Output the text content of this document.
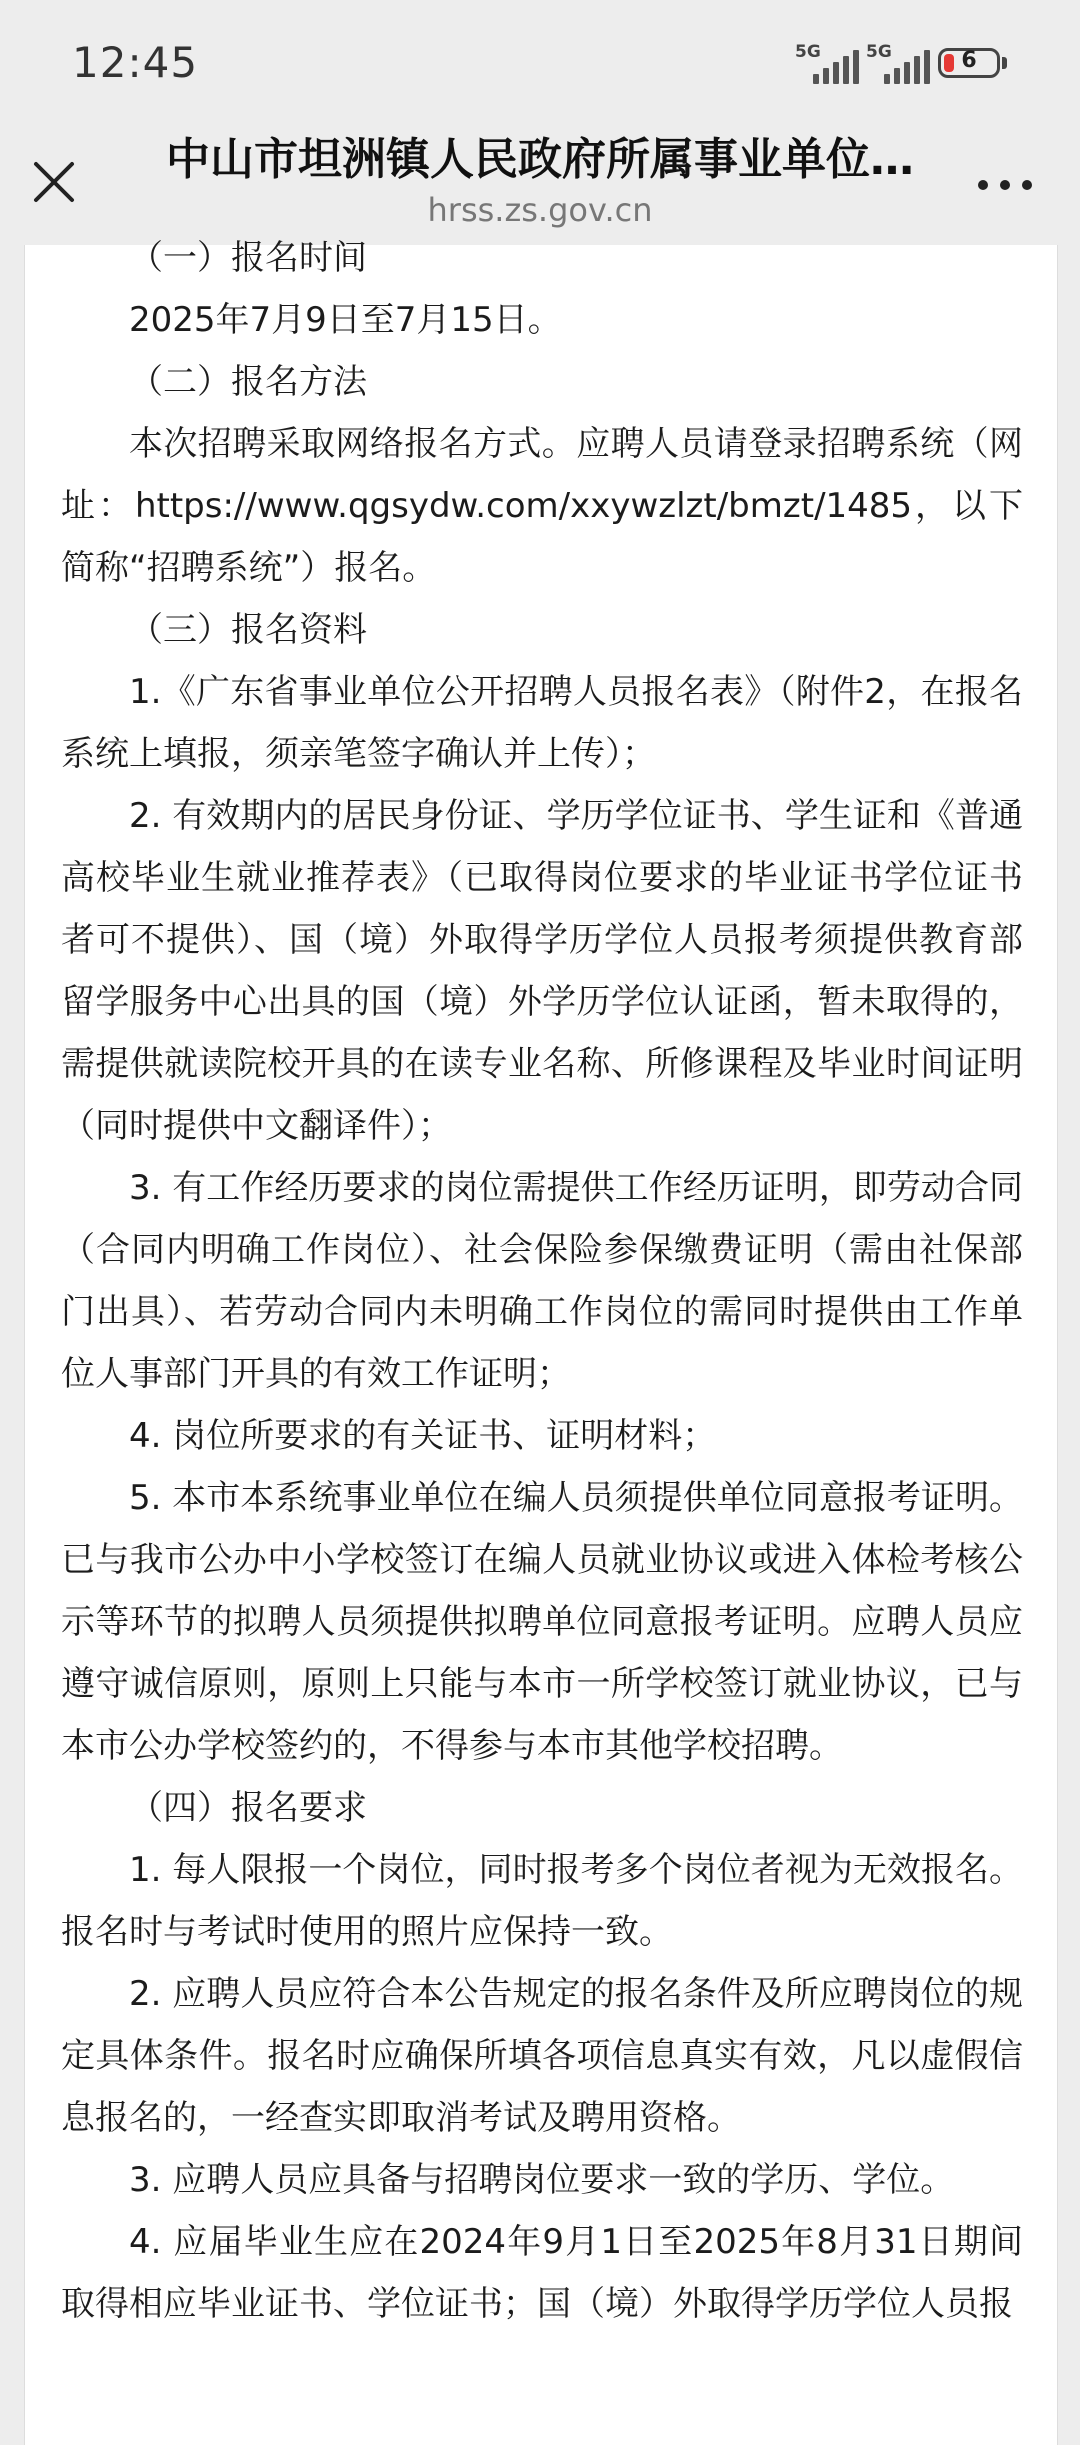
12:45	5G	5G	6
中山市坦洲镇人民政府所属事业单位…
hrss.zs.gov.cn

（一）报名时间

2025年7月9日至7月15日。

（二）报名方法

本次招聘采取网络报名方式。应聘人员请登录招聘系统（网址：https://www.qgsydw.com/xxywzlzt/bmzt/1485，以下简称“招聘系统”）报名。

（三）报名资料

1.《广东省事业单位公开招聘人员报名表》（附件2，在报名系统上填报，须亲笔签字确认并上传）；

2. 有效期内的居民身份证、学历学位证书、学生证和《普通高校毕业生就业推荐表》（已取得岗位要求的毕业证书学位证书者可不提供）、国（境）外取得学历学位人员报考须提供教育部留学服务中心出具的国（境）外学历学位认证函，暂未取得的，需提供就读院校开具的在读专业名称、所修课程及毕业时间证明（同时提供中文翻译件）；

3. 有工作经历要求的岗位需提供工作经历证明，即劳动合同（合同内明确工作岗位）、社会保险参保缴费证明（需由社保部门出具）、若劳动合同内未明确工作岗位的需同时提供由工作单位人事部门开具的有效工作证明；

4. 岗位所要求的有关证书、证明材料；

5. 本市本系统事业单位在编人员须提供单位同意报考证明。已与我市公办中小学校签订在编人员就业协议或进入体检考核公示等环节的拟聘人员须提供拟聘单位同意报考证明。应聘人员应遵守诚信原则，原则上只能与本市一所学校签订就业协议，已与本市公办学校签约的，不得参与本市其他学校招聘。

（四）报名要求

1. 每人限报一个岗位，同时报考多个岗位者视为无效报名。报名时与考试时使用的照片应保持一致。

2. 应聘人员应符合本公告规定的报名条件及所应聘岗位的规定具体条件。报名时应确保所填各项信息真实有效，凡以虚假信息报名的，一经查实即取消考试及聘用资格。

3. 应聘人员应具备与招聘岗位要求一致的学历、学位。

4. 应届毕业生应在2024年9月1日至2025年8月31日期间取得相应毕业证书、学位证书；国（境）外取得学历学位人员报
